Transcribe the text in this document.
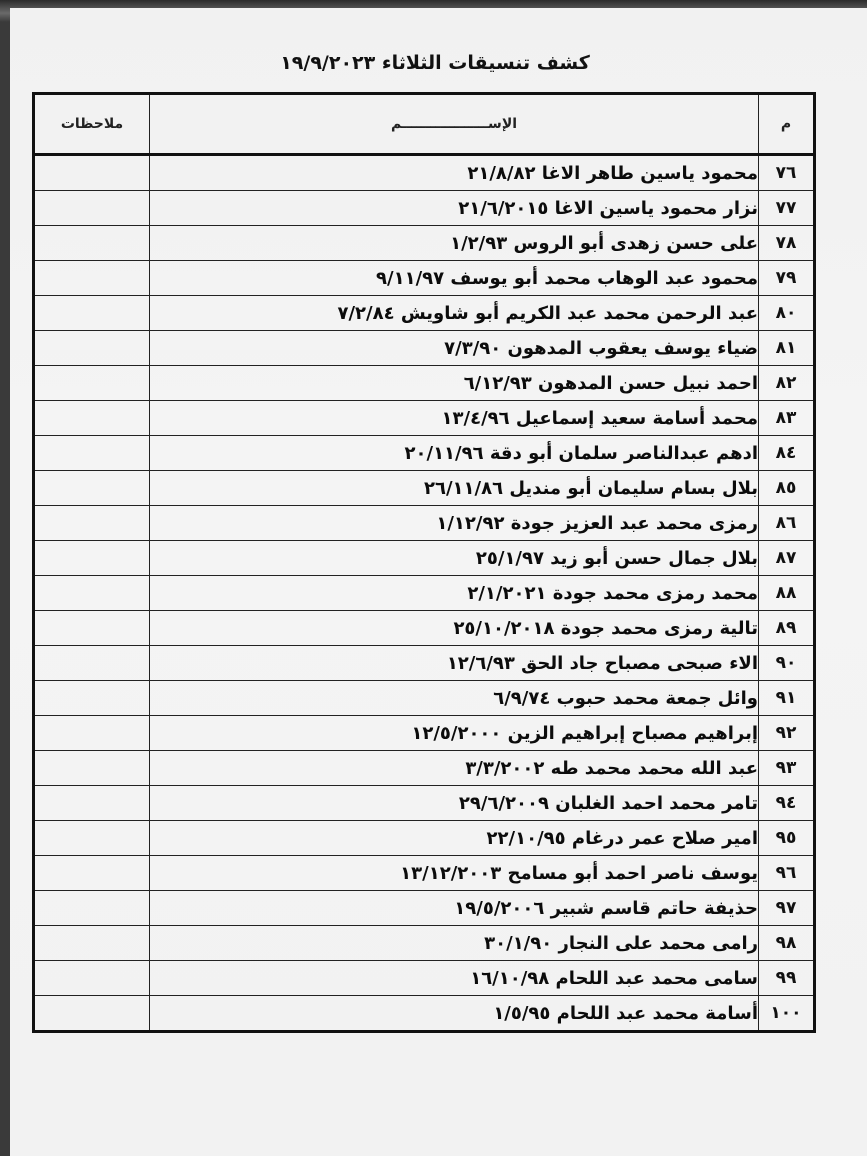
كشف تنسيقات الثلاثاء ١٩/٩/٢٠٢٣
م	الإســــــــــــــــــم	ملاحظات
٧٦	محمود ياسين طاهر الاغا ٢١/٨/٨٢	
٧٧	نزار محمود ياسين الاغا ٢١/٦/٢٠١٥	
٧٨	على حسن زهدى أبو الروس ١/٢/٩٣	
٧٩	محمود عبد الوهاب محمد أبو يوسف ٩/١١/٩٧	
٨٠	عبد الرحمن محمد عبد الكريم أبو شاويش ٧/٢/٨٤	
٨١	ضياء يوسف يعقوب المدهون ٧/٣/٩٠	
٨٢	احمد نبيل حسن المدهون ٦/١٢/٩٣	
٨٣	محمد أسامة سعيد إسماعيل ١٣/٤/٩٦	
٨٤	ادهم عبدالناصر سلمان أبو دقة ٢٠/١١/٩٦	
٨٥	بلال بسام سليمان أبو منديل ٢٦/١١/٨٦	
٨٦	رمزى محمد عبد العزيز جودة ١/١٢/٩٢	
٨٧	بلال جمال حسن أبو زيد ٢٥/١/٩٧	
٨٨	محمد رمزى محمد جودة ٢/١/٢٠٢١	
٨٩	تالية رمزى محمد جودة ٢٥/١٠/٢٠١٨	
٩٠	الاء صبحى مصباح جاد الحق ١٢/٦/٩٣	
٩١	وائل جمعة محمد حبوب ٦/٩/٧٤	
٩٢	إبراهيم مصباح إبراهيم الزين ١٢/٥/٢٠٠٠	
٩٣	عبد الله محمد محمد طه ٣/٣/٢٠٠٢	
٩٤	تامر محمد احمد الغلبان ٢٩/٦/٢٠٠٩	
٩٥	امير صلاح عمر درغام ٢٢/١٠/٩٥	
٩٦	يوسف ناصر احمد أبو مسامح ١٣/١٢/٢٠٠٣	
٩٧	حذيفة حاتم قاسم شبير ١٩/٥/٢٠٠٦	
٩٨	رامى محمد على النجار ٣٠/١/٩٠	
٩٩	سامى محمد عبد اللحام ١٦/١٠/٩٨	
١٠٠	أسامة محمد عبد اللحام ١/٥/٩٥	
